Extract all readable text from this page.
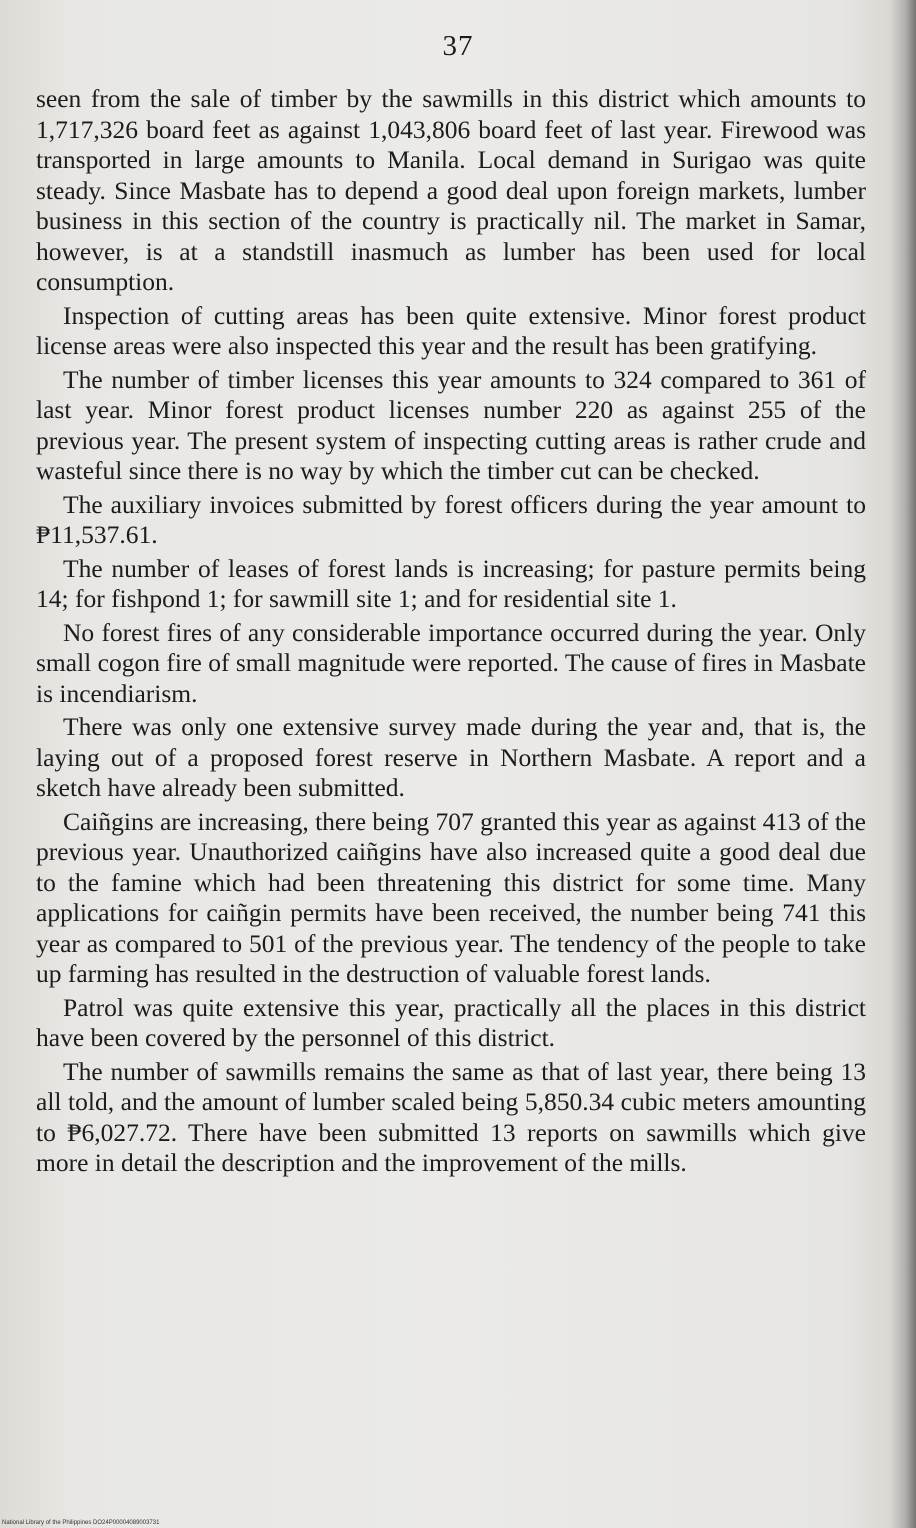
37

seen from the sale of timber by the sawmills in this district which amounts to 1,717,326 board feet as against 1,043,806 board feet of last year. Firewood was transported in large amounts to Manila. Local demand in Surigao was quite steady. Since Masbate has to depend a good deal upon foreign markets, lumber business in this section of the country is practically nil. The market in Samar, however, is at a standstill inasmuch as lumber has been used for local consumption.

Inspection of cutting areas has been quite extensive. Minor forest product license areas were also inspected this year and the result has been gratifying.

The number of timber licenses this year amounts to 324 compared to 361 of last year. Minor forest product licenses number 220 as against 255 of the previous year. The present system of inspecting cutting areas is rather crude and wasteful since there is no way by which the timber cut can be checked.

The auxiliary invoices submitted by forest officers during the year amount to ₱11,537.61.

The number of leases of forest lands is increasing; for pasture permits being 14; for fishpond 1; for sawmill site 1; and for residential site 1.

No forest fires of any considerable importance occurred during the year. Only small cogon fire of small magnitude were reported. The cause of fires in Masbate is incendiarism.

There was only one extensive survey made during the year and, that is, the laying out of a proposed forest reserve in Northern Masbate. A report and a sketch have already been submitted.

Caiñgins are increasing, there being 707 granted this year as against 413 of the previous year. Unauthorized caiñgins have also increased quite a good deal due to the famine which had been threatening this district for some time. Many applications for caiñgin permits have been received, the number being 741 this year as compared to 501 of the previous year. The tendency of the people to take up farming has resulted in the destruction of valuable forest lands.

Patrol was quite extensive this year, practically all the places in this district have been covered by the personnel of this district.

The number of sawmills remains the same as that of last year, there being 13 all told, and the amount of lumber scaled being 5,850.34 cubic meters amounting to ₱6,027.72. There have been submitted 13 reports on sawmills which give more in detail the description and the improvement of the mills.

National Library of the Philippines DO24P00004089003731
